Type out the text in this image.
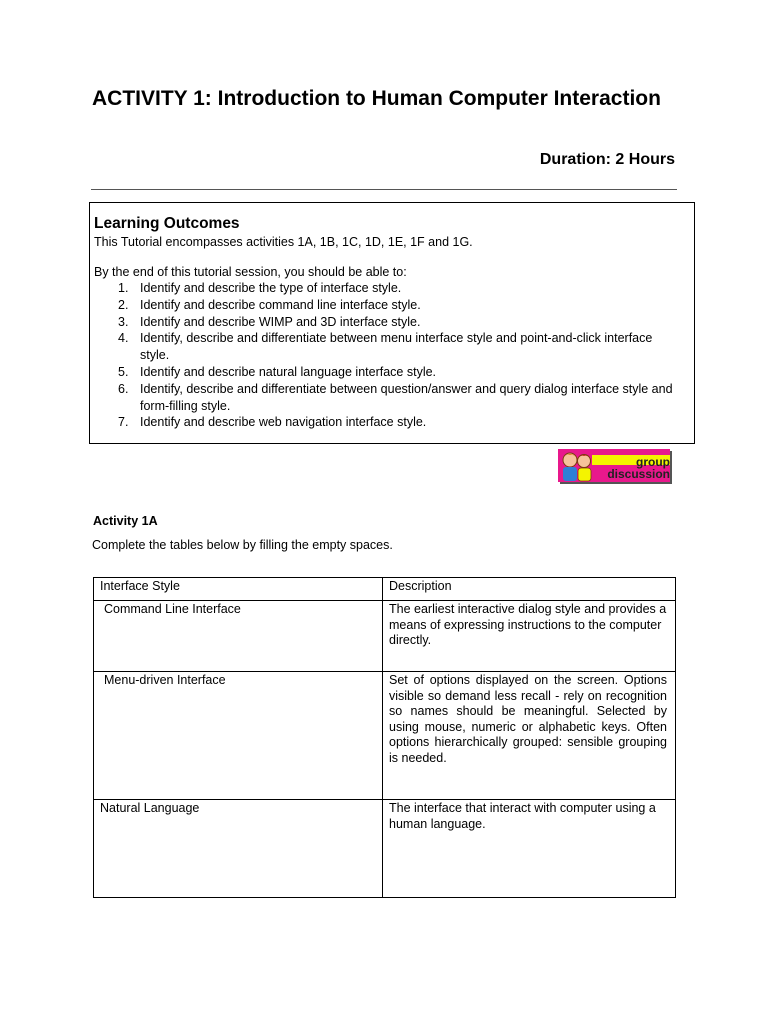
ACTIVITY 1: Introduction to Human Computer Interaction

Duration: 2 Hours

Learning Outcomes

This Tutorial encompasses activities 1A, 1B, 1C, 1D, 1E, 1F and 1G.

By the end of this tutorial session, you should be able to:

1. Identify and describe the type of interface style.
2. Identify and describe command line interface style.
3. Identify and describe WIMP and 3D interface style.
4. Identify, describe and differentiate between menu interface style and point-and-click interface style.
5. Identify and describe natural language interface style.
6. Identify, describe and differentiate between question/answer and query dialog interface style and form-filling style.
7. Identify and describe web navigation interface style.
group
discussion

Activity 1A

Complete the tables below by filling the empty spaces.

Interface Style	Description
Command Line Interface	The earliest interactive dialog style and provides a means of expressing instructions to the computer directly.
Menu-driven Interface	Set of options displayed on the screen. Options visible so demand less recall - rely on recognition so names should be meaningful. Selected by using mouse, numeric or alphabetic keys. Often options hierarchically grouped: sensible grouping is needed.
Natural Language	The interface that interact with computer using a human language.
